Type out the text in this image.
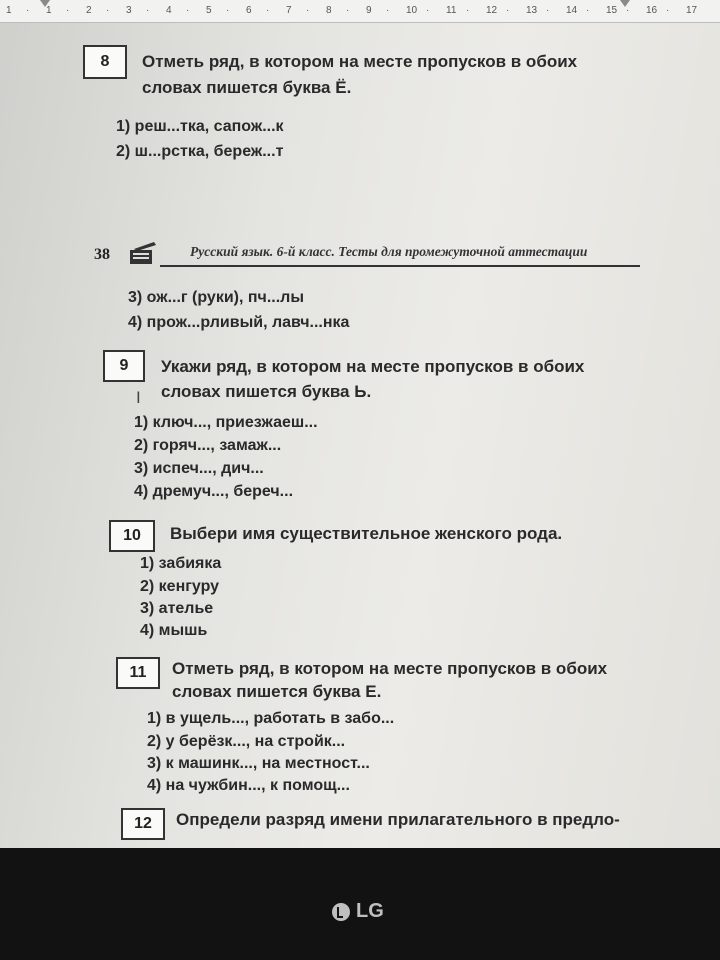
1 · 1 · 2 · 3 · 4 · 5 · 6 · 7 · 8 · 9 · 10 · 11 · 12 · 13 · 14 · 15 · 16 · 17
8	Отметь ряд, в котором на месте пропусков в обоих
словах пишется буква Ё.
1) реш...тка, сапож...к
2) ш...рстка, береж...т
38	Русский язык. 6-й класс. Тесты для промежуточной аттестации
3) ож...г (руки), пч...лы
4) прож...рливый, лавч...нка
9	Укажи ряд, в котором на месте пропусков в обоих
словах пишется буква Ь.
I
1) ключ..., приезжаеш...
2) горяч..., замаж...
3) испеч..., дич...
4) дремуч..., береч...
10	Выбери имя существительное женского рода.
1) забияка
2) кенгуру
3) ателье
4) мышь
11	Отметь ряд, в котором на месте пропусков в обоих
словах пишется буква Е.
1) в ущель..., работать в забо...
2) у берёзк..., на стройк...
3) к машинк..., на местност...
4) на чужбин..., к помощ...
12	Определи разряд имени прилагательного в предло-
LG
